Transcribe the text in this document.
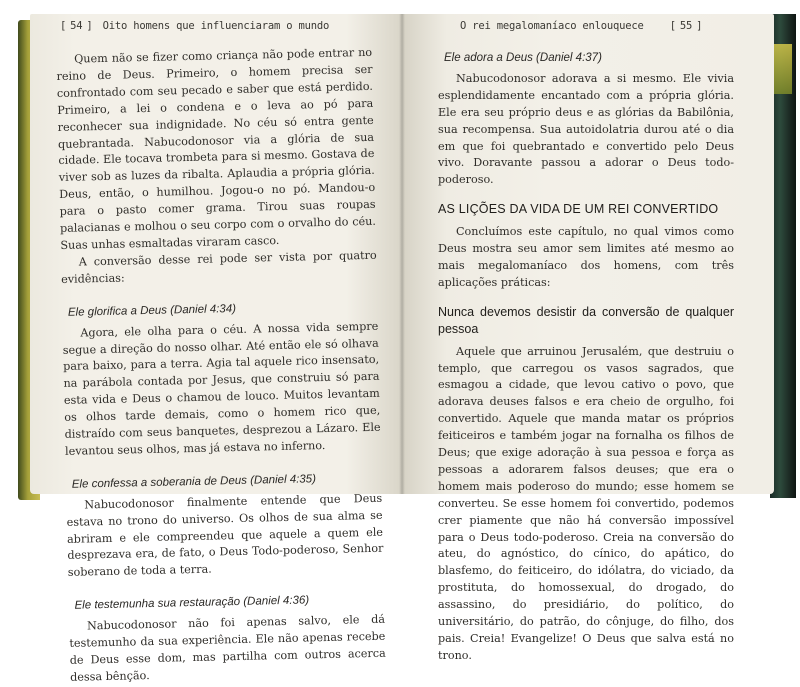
[ 54 ] Oito homens que influenciaram o mundo	O rei megalomaníaco enlouquece [ 55 ]

Quem não se fizer como criança não pode entrar no reino de Deus. Primeiro, o homem precisa ser confrontado com seu pecado e saber que está perdido. Primeiro, a lei o condena e o leva ao pó para reconhecer sua indignidade. No céu só entra gente quebrantada. Nabucodonosor via a glória de sua cidade. Ele tocava trombeta para si mesmo. Gostava de viver sob as luzes da ribalta. Aplaudia a própria glória. Deus, então, o humilhou. Jogou-o no pó. Mandou-o para o pasto comer grama. Tirou suas roupas palacianas e molhou o seu corpo com o orvalho do céu. Suas unhas esmaltadas viraram casco.

A conversão desse rei pode ser vista por quatro evidências:

Ele glorifica a Deus (Daniel 4:34)

Agora, ele olha para o céu. A nossa vida sempre segue a direção do nosso olhar. Até então ele só olhava para baixo, para a terra. Agia tal aquele rico insensato, na parábola contada por Jesus, que construiu só para esta vida e Deus o chamou de louco. Muitos levantam os olhos tarde demais, como o homem rico que, distraído com seus banquetes, desprezou a Lázaro. Ele levantou seus olhos, mas já estava no inferno.

Ele confessa a soberania de Deus (Daniel 4:35)

Nabucodonosor finalmente entende que Deus estava no trono do universo. Os olhos de sua alma se abriram e ele compreendeu que aquele a quem ele desprezava era, de fato, o Deus Todo-poderoso, Senhor soberano de toda a terra.

Ele testemunha sua restauração (Daniel 4:36)

Nabucodonosor não foi apenas salvo, ele dá testemunho da sua experiência. Ele não apenas recebe de Deus esse dom, mas partilha com outros acerca dessa bênção.

Ele adora a Deus (Daniel 4:37)

Nabucodonosor adorava a si mesmo. Ele vivia esplendidamente encantado com a própria glória. Ele era seu próprio deus e as glórias da Babilônia, sua recompensa. Sua autoidolatria durou até o dia em que foi quebrantado e convertido pelo Deus vivo. Doravante passou a adorar o Deus todo-poderoso.

AS LIÇÕES DA VIDA DE UM REI CONVERTIDO

Concluímos este capítulo, no qual vimos como Deus mostra seu amor sem limites até mesmo ao mais megalomaníaco dos homens, com três aplicações práticas:

Nunca devemos desistir da conversão de qualquer pessoa

Aquele que arruinou Jerusalém, que destruiu o templo, que carregou os vasos sagrados, que esmagou a cidade, que levou cativo o povo, que adorava deuses falsos e era cheio de orgulho, foi convertido. Aquele que manda matar os próprios feiticeiros e também jogar na fornalha os filhos de Deus; que exige adoração à sua pessoa e força as pessoas a adorarem falsos deuses; que era o homem mais poderoso do mundo; esse homem se converteu. Se esse homem foi convertido, podemos crer piamente que não há conversão impossível para o Deus todo-poderoso. Creia na conversão do ateu, do agnóstico, do cínico, do apático, do blasfemo, do feiticeiro, do idólatra, do viciado, da prostituta, do homossexual, do drogado, do assassino, do presidiário, do político, do universitário, do patrão, do cônjuge, do filho, dos pais. Creia! Evangelize! O Deus que salva está no trono.
